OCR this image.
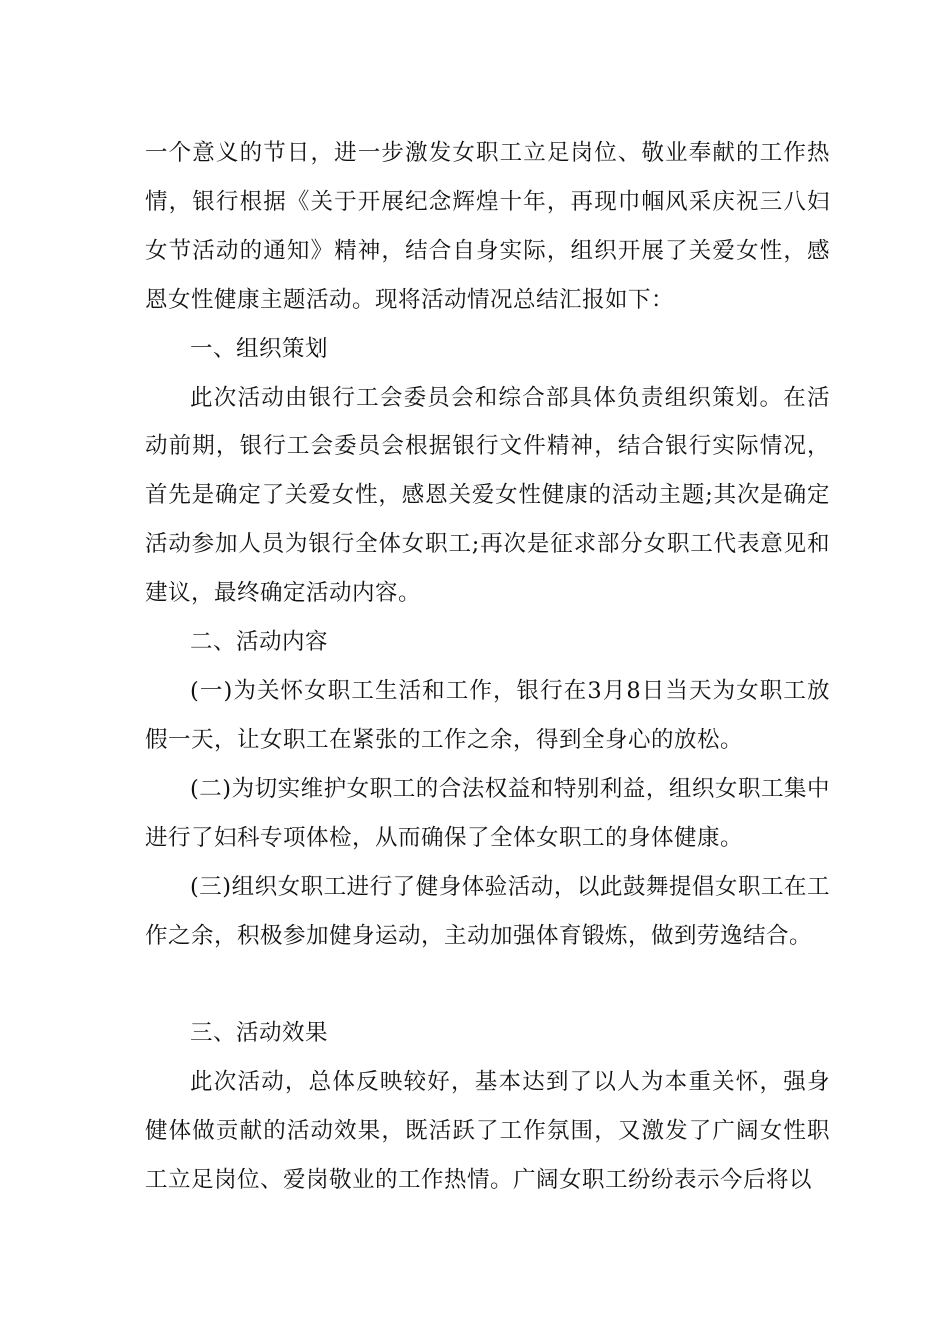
一个意义的节日，进一步激发女职工立足岗位、敬业奉献的工作热情，银行根据《关于开展纪念辉煌十年，再现巾帼风采庆祝三八妇女节活动的通知》精神，结合自身实际，组织开展了关爱女性，感恩女性健康主题活动。现将活动情况总结汇报如下：

一、组织策划

此次活动由银行工会委员会和综合部具体负责组织策划。在活动前期，银行工会委员会根据银行文件精神，结合银行实际情况，首先是确定了关爱女性，感恩关爱女性健康的活动主题;其次是确定活动参加人员为银行全体女职工;再次是征求部分女职工代表意见和建议，最终确定活动内容。

二、活动内容

(一)为关怀女职工生活和工作，银行在3月8日当天为女职工放假一天，让女职工在紧张的工作之余，得到全身心的放松。

(二)为切实维护女职工的合法权益和特别利益，组织女职工集中进行了妇科专项体检，从而确保了全体女职工的身体健康。

(三)组织女职工进行了健身体验活动，以此鼓舞提倡女职工在工作之余，积极参加健身运动，主动加强体育锻炼，做到劳逸结合。

三、活动效果

此次活动，总体反映较好，基本达到了以人为本重关怀，强身健体做贡献的活动效果，既活跃了工作氛围，又激发了广阔女性职工立足岗位、爱岗敬业的工作热情。广阔女职工纷纷表示今后将以
